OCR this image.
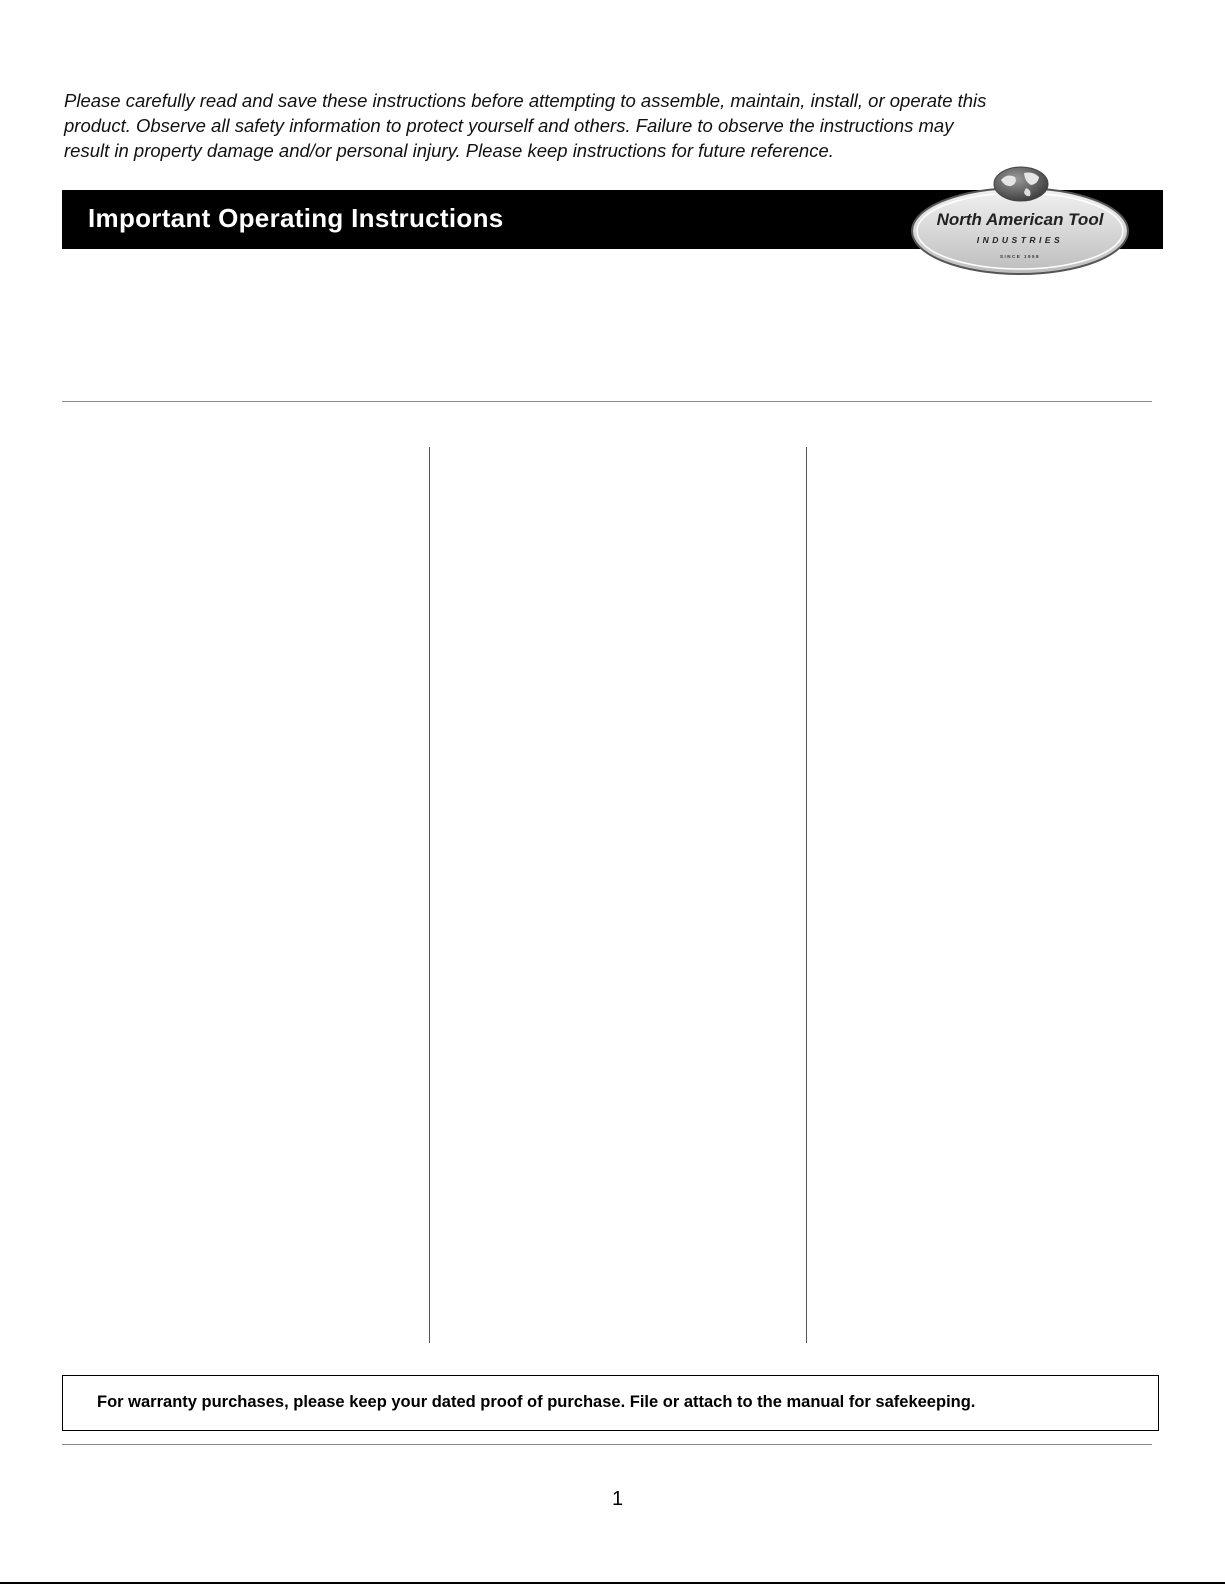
Please carefully read and save these instructions before attempting to assemble, maintain, install, or operate this
product. Observe all safety information to protect yourself and others. Failure to observe the instructions may
result in property damage and/or personal injury. Please keep instructions for future reference.
Important Operating Instructions	North American Tool
INDUSTRIES
SINCE 1958
For warranty purchases, please keep your dated proof of purchase. File or attach to the manual for safekeeping.
1
